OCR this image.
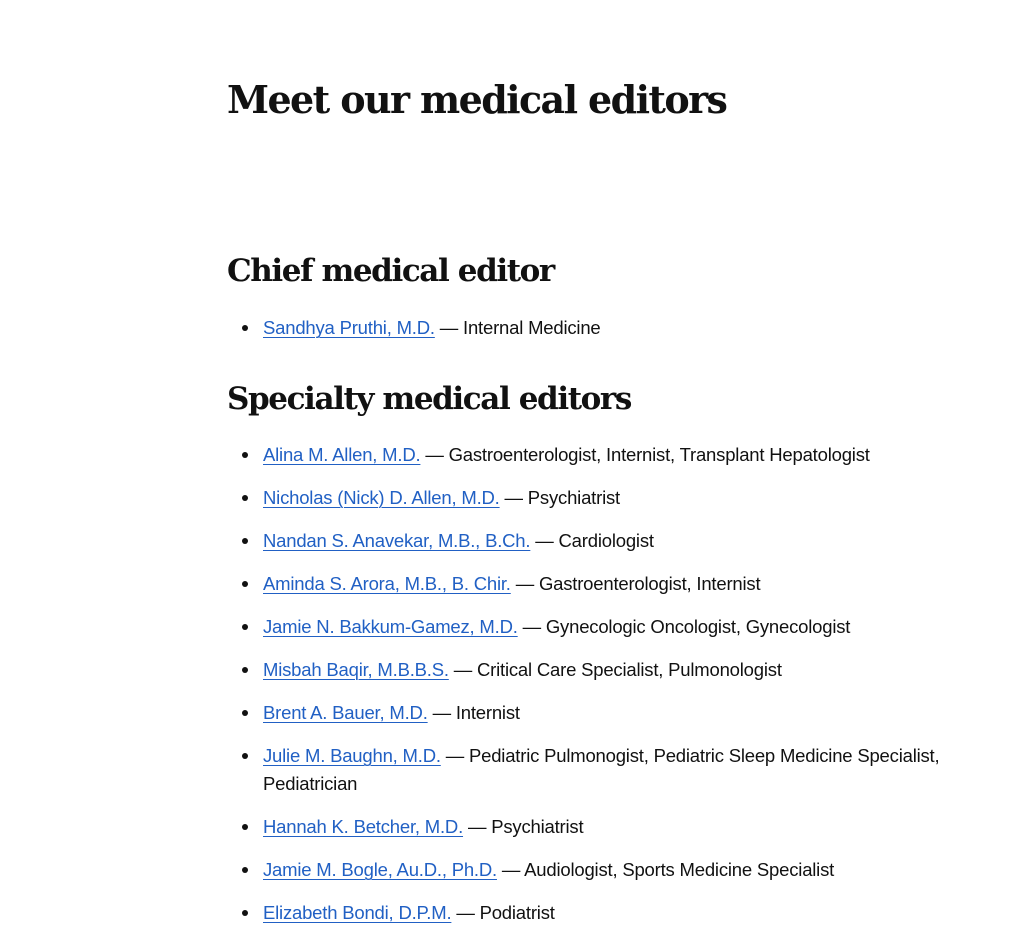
Meet our medical editors
Chief medical editor
Sandhya Pruthi, M.D. — Internal Medicine
Specialty medical editors
Alina M. Allen, M.D. — Gastroenterologist, Internist, Transplant Hepatologist
Nicholas (Nick) D. Allen, M.D. — Psychiatrist
Nandan S. Anavekar, M.B., B.Ch. — Cardiologist
Aminda S. Arora, M.B., B. Chir. — Gastroenterologist, Internist
Jamie N. Bakkum-Gamez, M.D. — Gynecologic Oncologist, Gynecologist
Misbah Baqir, M.B.B.S. — Critical Care Specialist, Pulmonologist
Brent A. Bauer, M.D. — Internist
Julie M. Baughn, M.D. — Pediatric Pulmonogist, Pediatric Sleep Medicine Specialist, Pediatrician
Hannah K. Betcher, M.D. — Psychiatrist
Jamie M. Bogle, Au.D., Ph.D. — Audiologist, Sports Medicine Specialist
Elizabeth Bondi, D.P.M. — Podiatrist
